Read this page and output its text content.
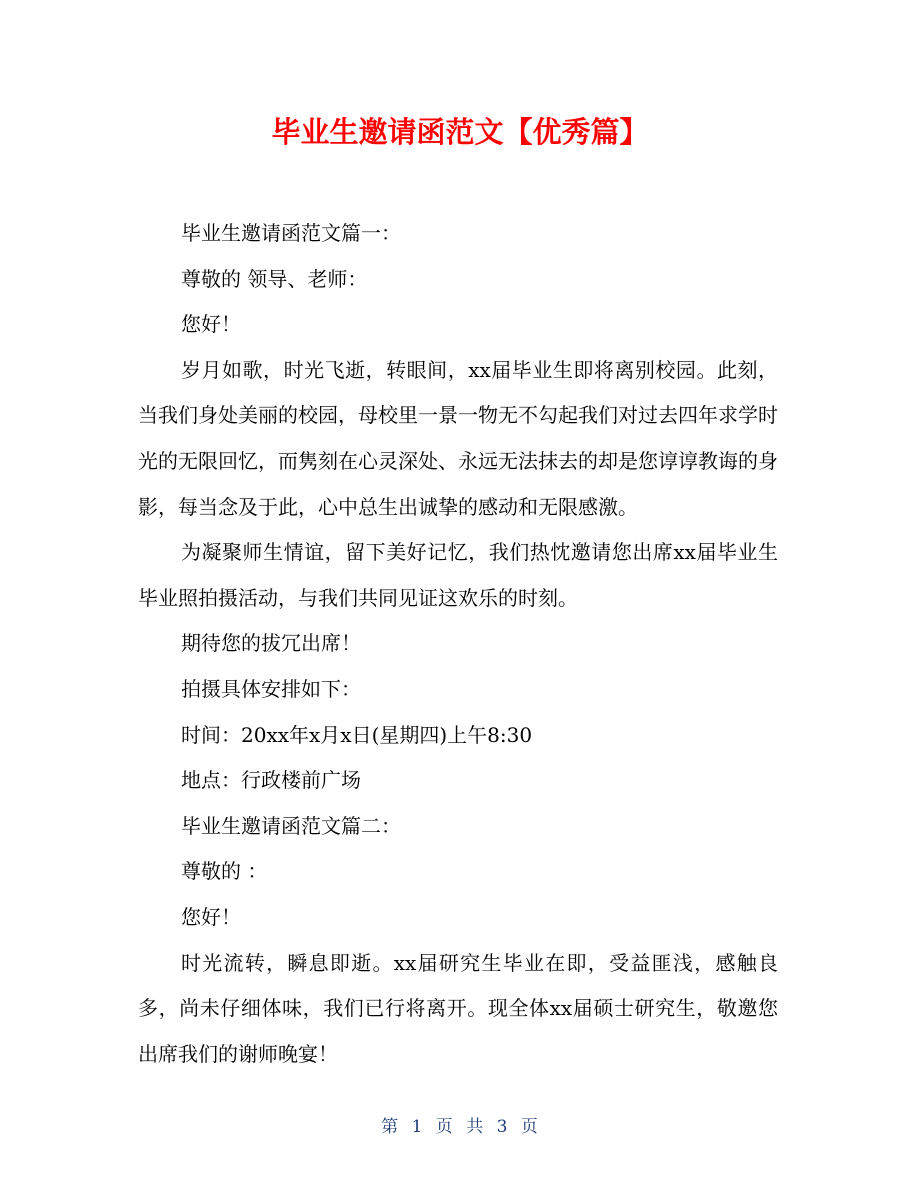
毕业生邀请函范文【优秀篇】

毕业生邀请函范文篇一：

尊敬的 领导、老师：

您好！

岁月如歌，时光飞逝，转眼间，xx届毕业生即将离别校园。此刻，当我们身处美丽的校园，母校里一景一物无不勾起我们对过去四年求学时光的无限回忆，而隽刻在心灵深处、永远无法抹去的却是您谆谆教诲的身影，每当念及于此，心中总生出诚挚的感动和无限感激。

为凝聚师生情谊，留下美好记忆，我们热忱邀请您出席xx届毕业生毕业照拍摄活动，与我们共同见证这欢乐的时刻。

期待您的拔冗出席！

拍摄具体安排如下：

时间：20xx年x月x日(星期四)上午8:30

地点：行政楼前广场

毕业生邀请函范文篇二：

尊敬的 ：

您好！

时光流转，瞬息即逝。xx届研究生毕业在即，受益匪浅，感触良多，尚未仔细体味，我们已行将离开。现全体xx届硕士研究生，敬邀您出席我们的谢师晚宴！

第 1 页 共 3 页
